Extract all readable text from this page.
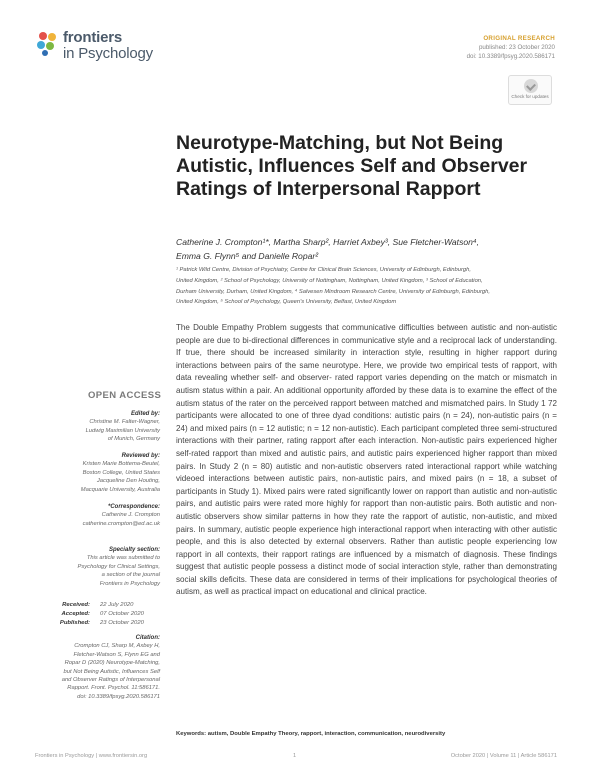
frontiers
in Psychology
ORIGINAL RESEARCH
published: 23 October 2020
doi: 10.3389/fpsyg.2020.586171
Check for updates
Neurotype-Matching, but Not Being Autistic, Influences Self and Observer Ratings of Interpersonal Rapport
Catherine J. Crompton¹*, Martha Sharp², Harriet Axbey³, Sue Fletcher-Watson⁴,
Emma G. Flynn⁵ and Danielle Ropar²
¹ Patrick Wild Centre, Division of Psychiatry, Centre for Clinical Brain Sciences, University of Edinburgh, Edinburgh,
United Kingdom, ² School of Psychology, University of Nottingham, Nottingham, United Kingdom, ³ School of Education,
Durham University, Durham, United Kingdom, ⁴ Salvesen Mindroom Research Centre, University of Edinburgh, Edinburgh,
United Kingdom, ⁵ School of Psychology, Queen's University, Belfast, United Kingdom

The Double Empathy Problem suggests that communicative difficulties between autistic and non-autistic people are due to bi-directional differences in communicative style and a reciprocal lack of understanding. If true, there should be increased similarity in interaction style, resulting in higher rapport during interactions between pairs of the same neurotype. Here, we provide two empirical tests of rapport, with data revealing whether self- and observer- rated rapport varies depending on the match or mismatch in autism status within a pair. An additional opportunity afforded by these data is to examine the effect of the autism status of the rater on the perceived rapport between matched and mismatched pairs. In Study 1 72 participants were allocated to one of three dyad conditions: autistic pairs (n = 24), non-autistic pairs (n = 24) and mixed pairs (n = 12 autistic; n = 12 non-autistic). Each participant completed three semi-structured interactions with their partner, rating rapport after each interaction. Non-autistic pairs experienced higher self-rated rapport than mixed and autistic pairs, and autistic pairs experienced higher rapport than mixed pairs. In Study 2 (n = 80) autistic and non-autistic observers rated interactional rapport while watching videoed interactions between autistic pairs, non-autistic pairs, and mixed pairs (n = 18, a subset of participants in Study 1). Mixed pairs were rated significantly lower on rapport than autistic and non-autistic pairs, and autistic pairs were rated more highly for rapport than non-autistic pairs. Both autistic and non-autistic observers show similar patterns in how they rate the rapport of autistic, non-autistic, and mixed pairs. In summary, autistic people experience high interactional rapport when interacting with other autistic people, and this is also detected by external observers. Rather than autistic people experiencing low rapport in all contexts, their rapport ratings are influenced by a mismatch of diagnosis. These findings suggest that autistic people possess a distinct mode of social interaction style, rather than demonstrating social skills deficits. These data are considered in terms of their implications for psychological theories of autism, as well as practical impact on educational and clinical practice.

Keywords: autism, Double Empathy Theory, rapport, interaction, communication, neurodiversity
OPEN ACCESS
Edited by:
Christine M. Falter-Wagner,
Ludwig Maximilian University
of Munich, Germany
Reviewed by:
Kristen Marie Bottema-Beutel,
Boston College, United States
Jacqueline Den Houting,
Macquarie University, Australia
*Correspondence:
Catherine J. Crompton
catherine.crompton@ed.ac.uk
Specialty section:
This article was submitted to
Psychology for Clinical Settings,
a section of the journal
Frontiers in Psychology
Received: 22 July 2020
Accepted: 07 October 2020
Published: 23 October 2020
Citation:
Crompton CJ, Sharp M, Axbey H,
Fletcher-Watson S, Flynn EG and
Ropar D (2020) Neurotype-Matching,
but Not Being Autistic, Influences Self
and Observer Ratings of Interpersonal
Rapport. Front. Psychol. 11:586171.
doi: 10.3389/fpsyg.2020.586171
Frontiers in Psychology | www.frontiersin.org	1	October 2020 | Volume 11 | Article 586171
